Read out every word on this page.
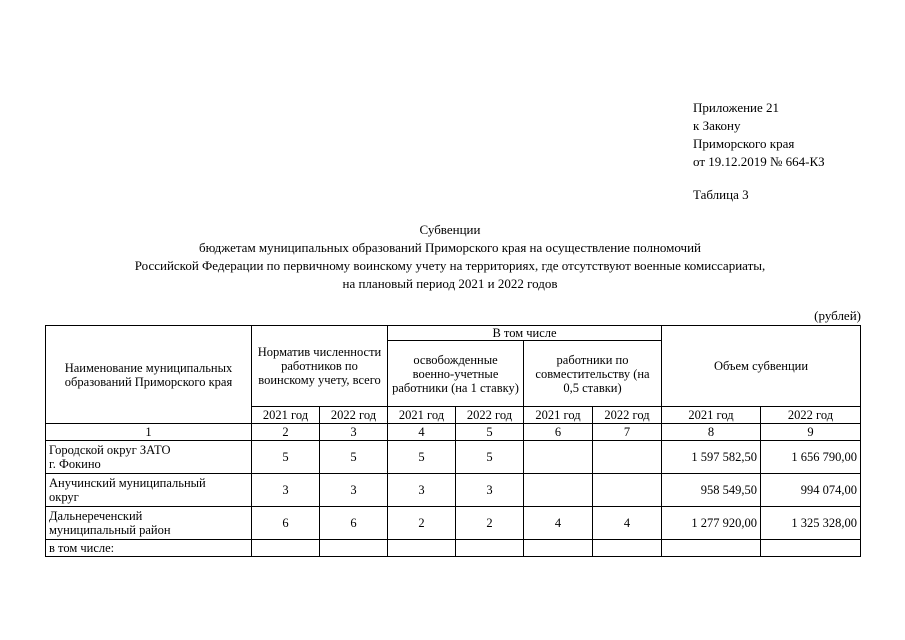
Приложение 21
к Закону
Приморского края
от 19.12.2019 № 664-КЗ
Таблица 3
Субвенции
бюджетам муниципальных образований Приморского края на осуществление полномочий
Российской Федерации по первичному воинскому учету на территориях, где отсутствуют военные комиссариаты,
на плановый период 2021 и 2022 годов
(рублей)
Наименование муниципальных образований Приморского края	Норматив численности работников по воинскому учету, всего		В том числе				Объем субвенции	
			освобожденные военно-учетные работники (на 1 ставку)		работники по совместительству (на 0,5 ставки)			
	2021 год	2022 год	2021 год	2022 год	2021 год	2022 год	2021 год	2022 год
1	2	3	4	5	6	7	8	9

Городской округ ЗАТО
г. Фокино	5	5	5	5			1 597 582,50	1 656 790,00

Анучинский муниципальный
округ	3	3	3	3			958 549,50	994 074,00

Дальнереченский
муниципальный район	6	6	2	2	4	4	1 277 920,00	1 325 328,00
в том числе:								
